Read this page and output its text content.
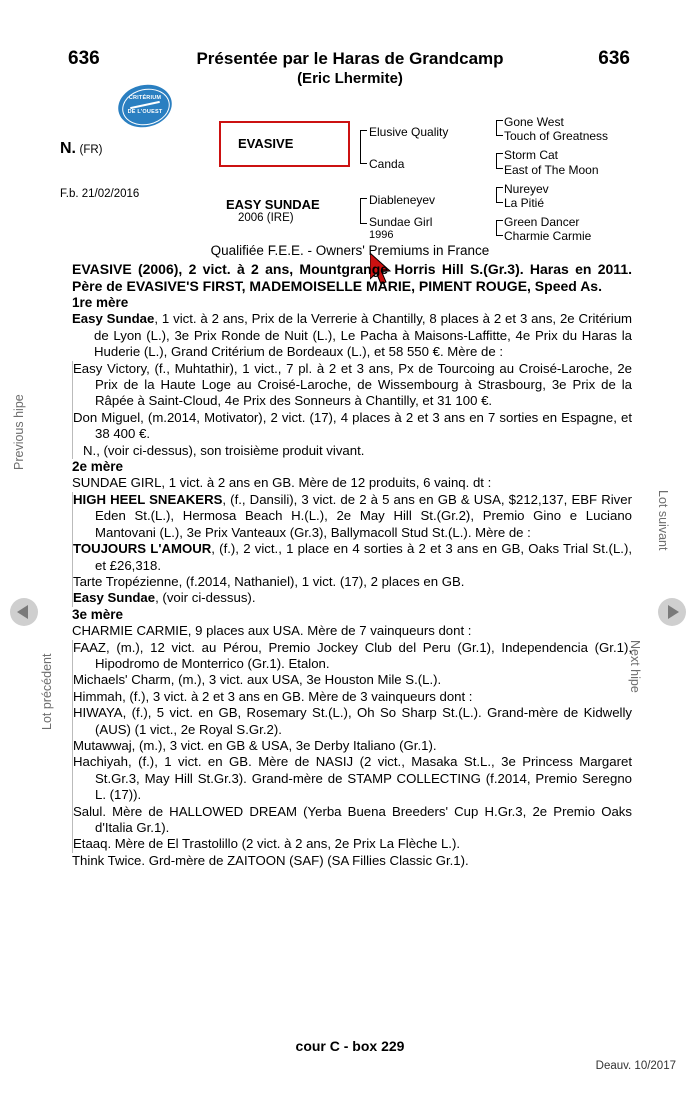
636	Présentée par le Haras de Grandcamp
(Eric Lhermite)
636
CRITÉRIUM
DE L'OUEST
N. (FR)
F.b. 21/02/2016
EVASIVE
EASY SUNDAE
2006 (IRE)
Elusive Quality
Canda
Diableneyev
Sundae Girl
1996
Gone West
Touch of Greatness
Storm Cat
East of The Moon
Nureyev
La Pitié
Green Dancer
Charmie Carmie
Qualifiée F.E.E. - Owners' Premiums in France

EVASIVE (2006), 2 vict. à 2 ans, Mountgrange Horris Hill S.(Gr.3). Haras en 2011. Père de EVASIVE'S FIRST, MADEMOISELLE MARIE, PIMENT ROUGE, Speed As.

1re mère

Easy Sundae, 1 vict. à 2 ans, Prix de la Verrerie à Chantilly, 8 places à 2 et 3 ans, 2e Critérium de Lyon (L.), 3e Prix Ronde de Nuit (L.), Le Pacha à Maisons-Laffitte, 4e Prix du Haras la Huderie (L.), Grand Critérium de Bordeaux (L.), et 58 550 €. Mère de :

Easy Victory, (f., Muhtathir), 1 vict., 7 pl. à 2 et 3 ans, Px de Tourcoing au Croisé-Laroche, 2e Prix de la Haute Loge au Croisé-Laroche, de Wissembourg à Strasbourg, 3e Prix de la Râpée à Saint-Cloud, 4e Prix des Sonneurs à Chantilly, et 31 100 €.

Don Miguel, (m.2014, Motivator), 2 vict. (17), 4 places à 2 et 3 ans en 7 sorties en Espagne, et 38 400 €.

N., (voir ci-dessus), son troisième produit vivant.

2e mère

SUNDAE GIRL, 1 vict. à 2 ans en GB. Mère de 12 produits, 6 vainq. dt :

HIGH HEEL SNEAKERS, (f., Dansili), 3 vict. de 2 à 5 ans en GB & USA, $212,137, EBF River Eden St.(L.), Hermosa Beach H.(L.), 2e May Hill St.(Gr.2), Premio Gino e Luciano Mantovani (L.), 3e Prix Vanteaux (Gr.3), Ballymacoll Stud St.(L.). Mère de :

TOUJOURS L'AMOUR, (f.), 2 vict., 1 place en 4 sorties à 2 et 3 ans en GB, Oaks Trial St.(L.), et £26,318.

Tarte Tropézienne, (f.2014, Nathaniel), 1 vict. (17), 2 places en GB.

Easy Sundae, (voir ci-dessus).

3e mère

CHARMIE CARMIE, 9 places aux USA. Mère de 7 vainqueurs dont :

FAAZ, (m.), 12 vict. au Pérou, Premio Jockey Club del Peru (Gr.1), Independencia (Gr.1), Hipodromo de Monterrico (Gr.1). Etalon.

Michaels' Charm, (m.), 3 vict. aux USA, 3e Houston Mile S.(L.).

Himmah, (f.), 3 vict. à 2 et 3 ans en GB. Mère de 3 vainqueurs dont :

HIWAYA, (f.), 5 vict. en GB, Rosemary St.(L.), Oh So Sharp St.(L.). Grand-mère de Kidwelly (AUS) (1 vict., 2e Royal S.Gr.2).

Mutawwaj, (m.), 3 vict. en GB & USA, 3e Derby Italiano (Gr.1).

Hachiyah, (f.), 1 vict. en GB. Mère de NASIJ (2 vict., Masaka St.L., 3e Princess Margaret St.Gr.3, May Hill St.Gr.3). Grand-mère de STAMP COLLECTING (f.2014, Premio Seregno L. (17)).

Salul. Mère de HALLOWED DREAM (Yerba Buena Breeders' Cup H.Gr.3, 2e Premio Oaks d'Italia Gr.1).

Etaaq. Mère de El Trastolillo (2 vict. à 2 ans, 2e Prix La Flèche L.).

Think Twice. Grd-mère de ZAITOON (SAF) (SA Fillies Classic Gr.1).

Previous hipe
Lot précédent
Lot suivant
Next hipe
cour C - box 229
Deauv. 10/2017
